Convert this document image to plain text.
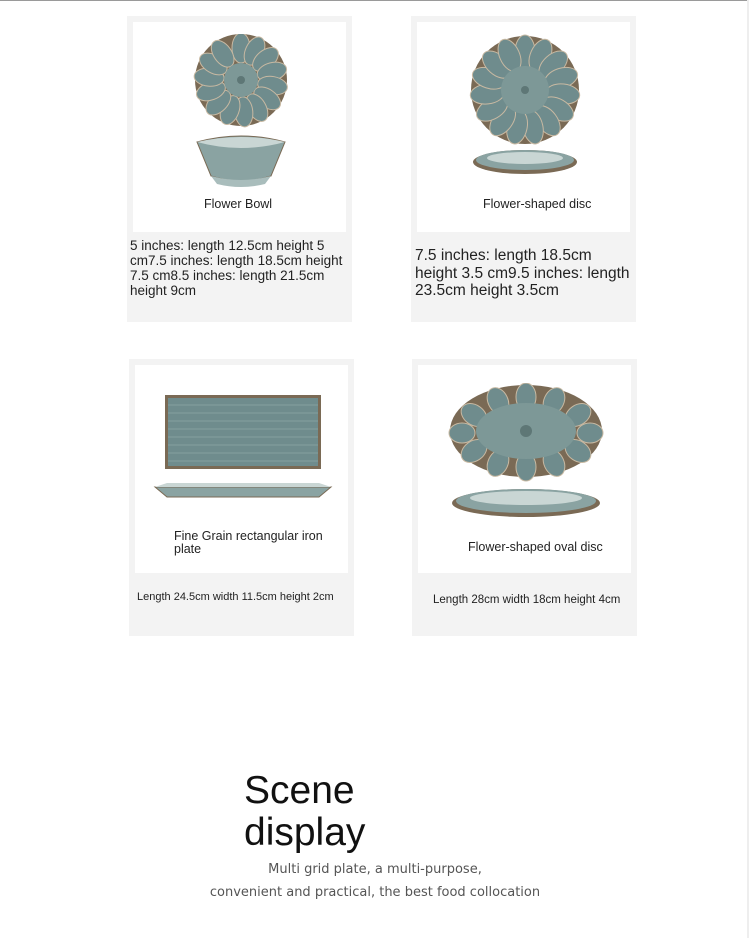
Flower Bowl
5 inches: length 12.5cm height 5 cm7.5 inches: length 18.5cm height 7.5 cm8.5 inches: length 21.5cm height 9cm
Flower-shaped disc
7.5 inches: length 18.5cm height 3.5 cm9.5 inches: length 23.5cm height 3.5cm
Fine Grain rectangular iron plate
Length 24.5cm width 11.5cm height 2cm
Flower-shaped oval disc
Length 28cm width 18cm height 4cm
Scene display
Multi grid plate, a multi-purpose,
convenient and practical, the best food collocation
